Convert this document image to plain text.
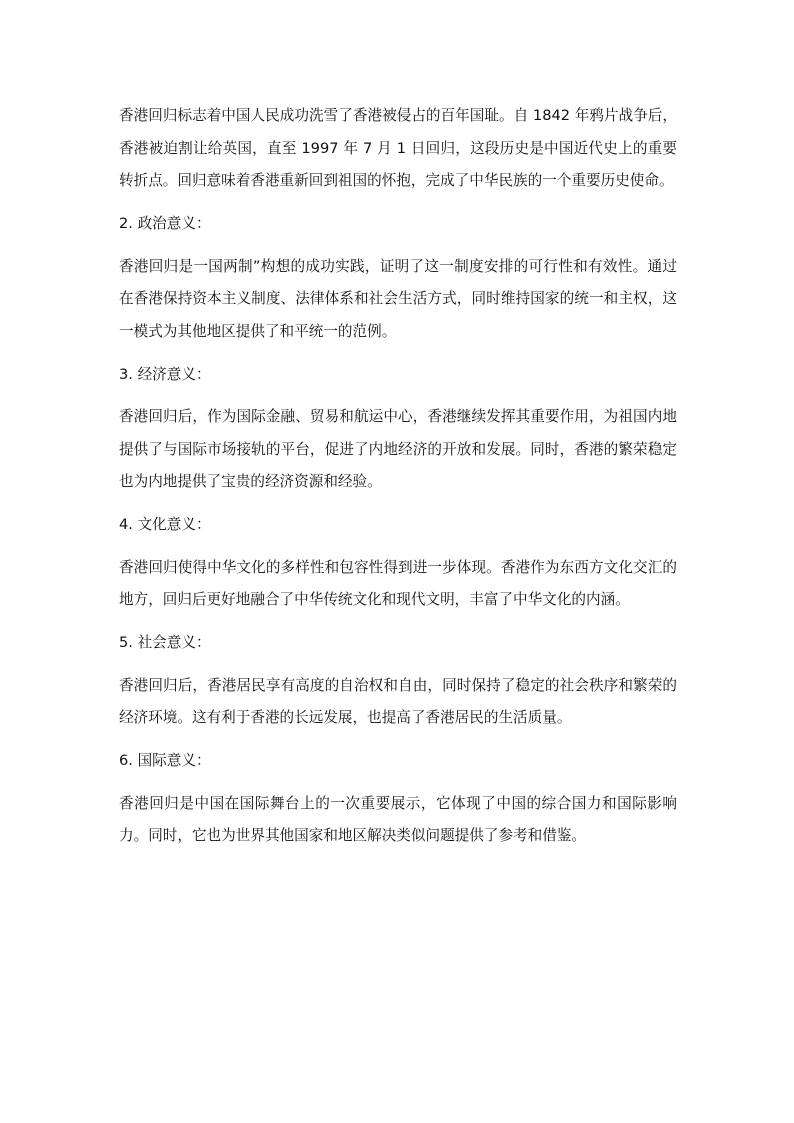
香港回归标志着中国人民成功洗雪了香港被侵占的百年国耻。自 1842 年鸦片战争后，香港被迫割让给英国，直至 1997 年 7 月 1 日回归，这段历史是中国近代史上的重要转折点。回归意味着香港重新回到祖国的怀抱，完成了中华民族的一个重要历史使命。

2. 政治意义：

香港回归是一国两制”构想的成功实践，证明了这一制度安排的可行性和有效性。通过在香港保持资本主义制度、法律体系和社会生活方式，同时维持国家的统一和主权，这一模式为其他地区提供了和平统一的范例。

3. 经济意义：

香港回归后，作为国际金融、贸易和航运中心，香港继续发挥其重要作用，为祖国内地提供了与国际市场接轨的平台，促进了内地经济的开放和发展。同时，香港的繁荣稳定也为内地提供了宝贵的经济资源和经验。

4. 文化意义：

香港回归使得中华文化的多样性和包容性得到进一步体现。香港作为东西方文化交汇的地方，回归后更好地融合了中华传统文化和现代文明，丰富了中华文化的内涵。

5. 社会意义：

香港回归后，香港居民享有高度的自治权和自由，同时保持了稳定的社会秩序和繁荣的经济环境。这有利于香港的长远发展，也提高了香港居民的生活质量。

6. 国际意义：

香港回归是中国在国际舞台上的一次重要展示，它体现了中国的综合国力和国际影响力。同时，它也为世界其他国家和地区解决类似问题提供了参考和借鉴。
